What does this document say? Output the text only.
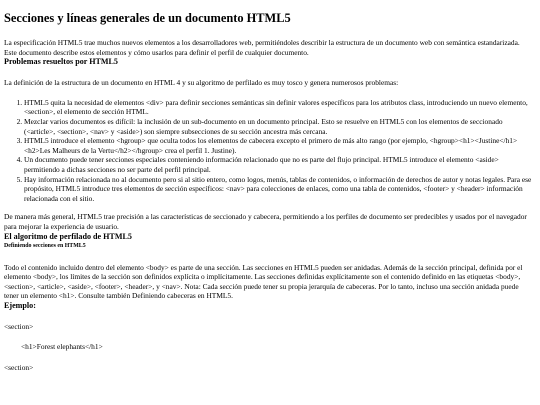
Secciones y líneas generales de un documento HTML5

La especificación HTML5 trae muchos nuevos elementos a los desarrolladores web, permitiéndoles describir la estructura de un documento web con semántica estandarizada. Este documento describe estos elementos y cómo usarlos para definir el perfil de cualquier documento.

Problemas resueltos por HTML5

La definición de la estructura de un documento en HTML 4 y su algoritmo de perfilado es muy tosco y genera numerosos problemas:

1. HTML5 quita la necesidad de elementos <div> para definir secciones semánticas sin definir valores específicos para los atributos class, introduciendo un nuevo elemento, <section>, el elemento de sección HTML.
2. Mezclar varios documentos es difícil: la inclusión de un sub-documento en un documento principal. Esto se resuelve en HTML5 con los elementos de seccionado (<article>, <section>, <nav> y <aside>) son siempre subsecciones de su sección ancestra más cercana.
3. HTML5 introduce el elemento <hgroup> que oculta todos los elementos de cabecera excepto el primero de más alto rango (por ejemplo, <hgroup><h1><Justine</h1><h2>Les Malheurs de la Vertu</h2></hgroup> crea el perfil 1. Justine).
4. Un documento puede tener secciones especiales conteniendo información relacionado que no es parte del flujo principal. HTML5 introduce el elemento <aside> permitiendo a dichas secciones no ser parte del perfil principal.
5. Hay información relacionada no al documento pero si al sitio entero, como logos, menús, tablas de contenidos, o información de derechos de autor y notas legales. Para ese propósito, HTML5 introduce tres elementos de sección específicos: <nav> para colecciones de enlaces, como una tabla de contenidos, <footer> y <header> información relacionada con el sitio.

De manera más general, HTML5 trae precisión a las características de seccionado y cabecera, permitiendo a los perfiles de documento ser predecibles y usados por el navegador para mejorar la experiencia de usuario.

El algoritmo de perfilado de HTML5
Definiendo secciones en HTML5

Todo el contenido incluido dentro del elemento <body> es parte de una sección. Las secciones en HTML5 pueden ser anidadas. Además de la sección principal, definida por el elemento <body>, los límites de la sección son definidos explícita o implícitamente. Las secciones definidas explícitamente son el contenido definido en las etiquetas <body>, <section>, <article>, <aside>, <footer>, <header>, y <nav>. Nota: Cada sección puede tener su propia jerarquía de cabeceras. Por lo tanto, incluso una sección anidada puede tener un elemento <h1>. Consulte también Definiendo cabeceras en HTML5.

Ejemplo:

<section>

<h1>Forest elephants</h1>

<section>
